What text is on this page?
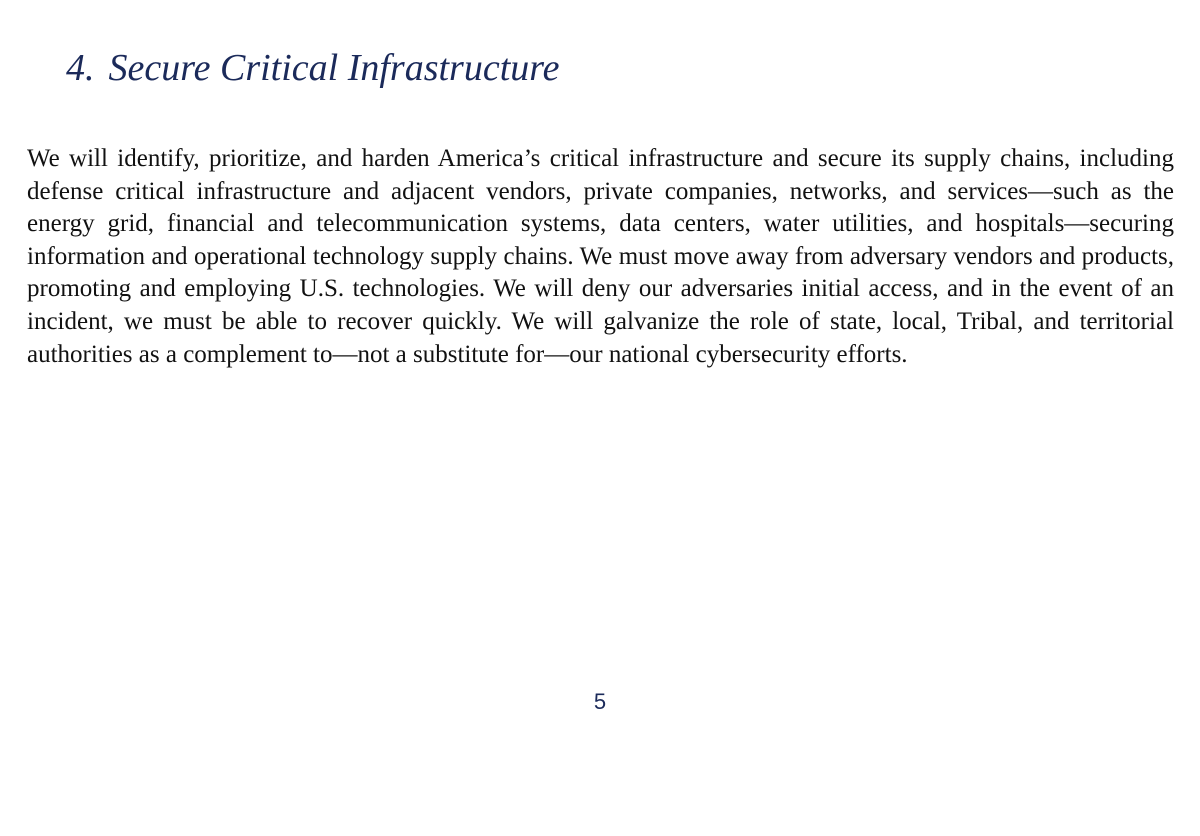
4. Secure Critical Infrastructure

We will identify, prioritize, and harden America’s critical infrastructure and secure its supply chains, including defense critical infrastructure and adjacent vendors, private companies, networks, and services—such as the energy grid, financial and telecommunication systems, data centers, water utilities, and hospitals—securing information and operational technology supply chains. We must move away from adversary vendors and products, promoting and employing U.S. technologies. We will deny our adversaries initial access, and in the event of an incident, we must be able to recover quickly. We will galvanize the role of state, local, Tribal, and territorial authorities as a complement to—not a substitute for—our national cybersecurity efforts.

5
